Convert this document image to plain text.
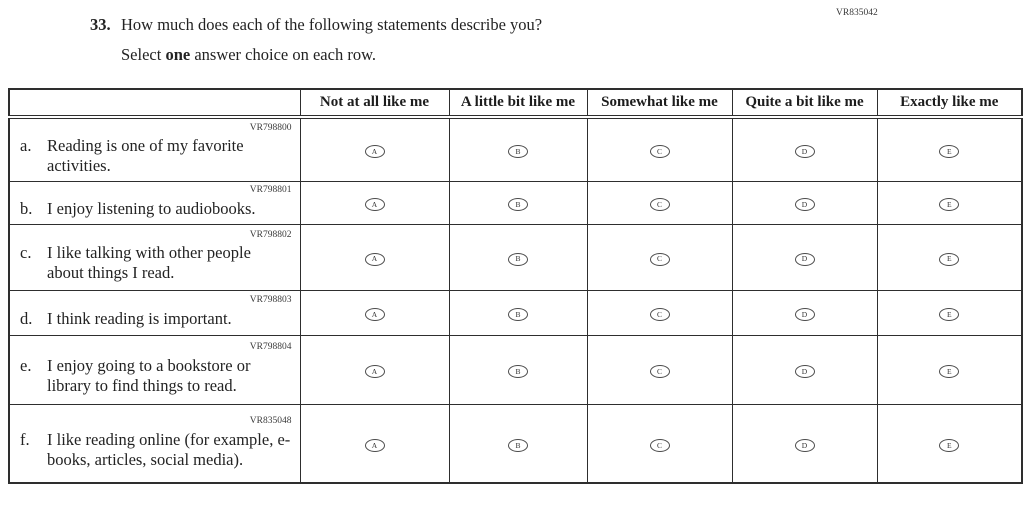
VR835042
33. How much does each of the following statements describe you?
Select one answer choice on each row.
	Not at all like me	A little bit like me	Somewhat like me	Quite a bit like me	Exactly like me

VR798800
a. Reading is one of my favorite activities.	A	B	C	D	E

VR798801
b. I enjoy listening to audiobooks.	A	B	C	D	E

VR798802
c. I like talking with other people about things I read.	A	B	C	D	E

VR798803
d. I think reading is important.	A	B	C	D	E

VR798804
e. I enjoy going to a bookstore or library to find things to read.	A	B	C	D	E

VR835048
f. I like reading online (for example, e-books, articles, social media).	A	B	C	D	E
